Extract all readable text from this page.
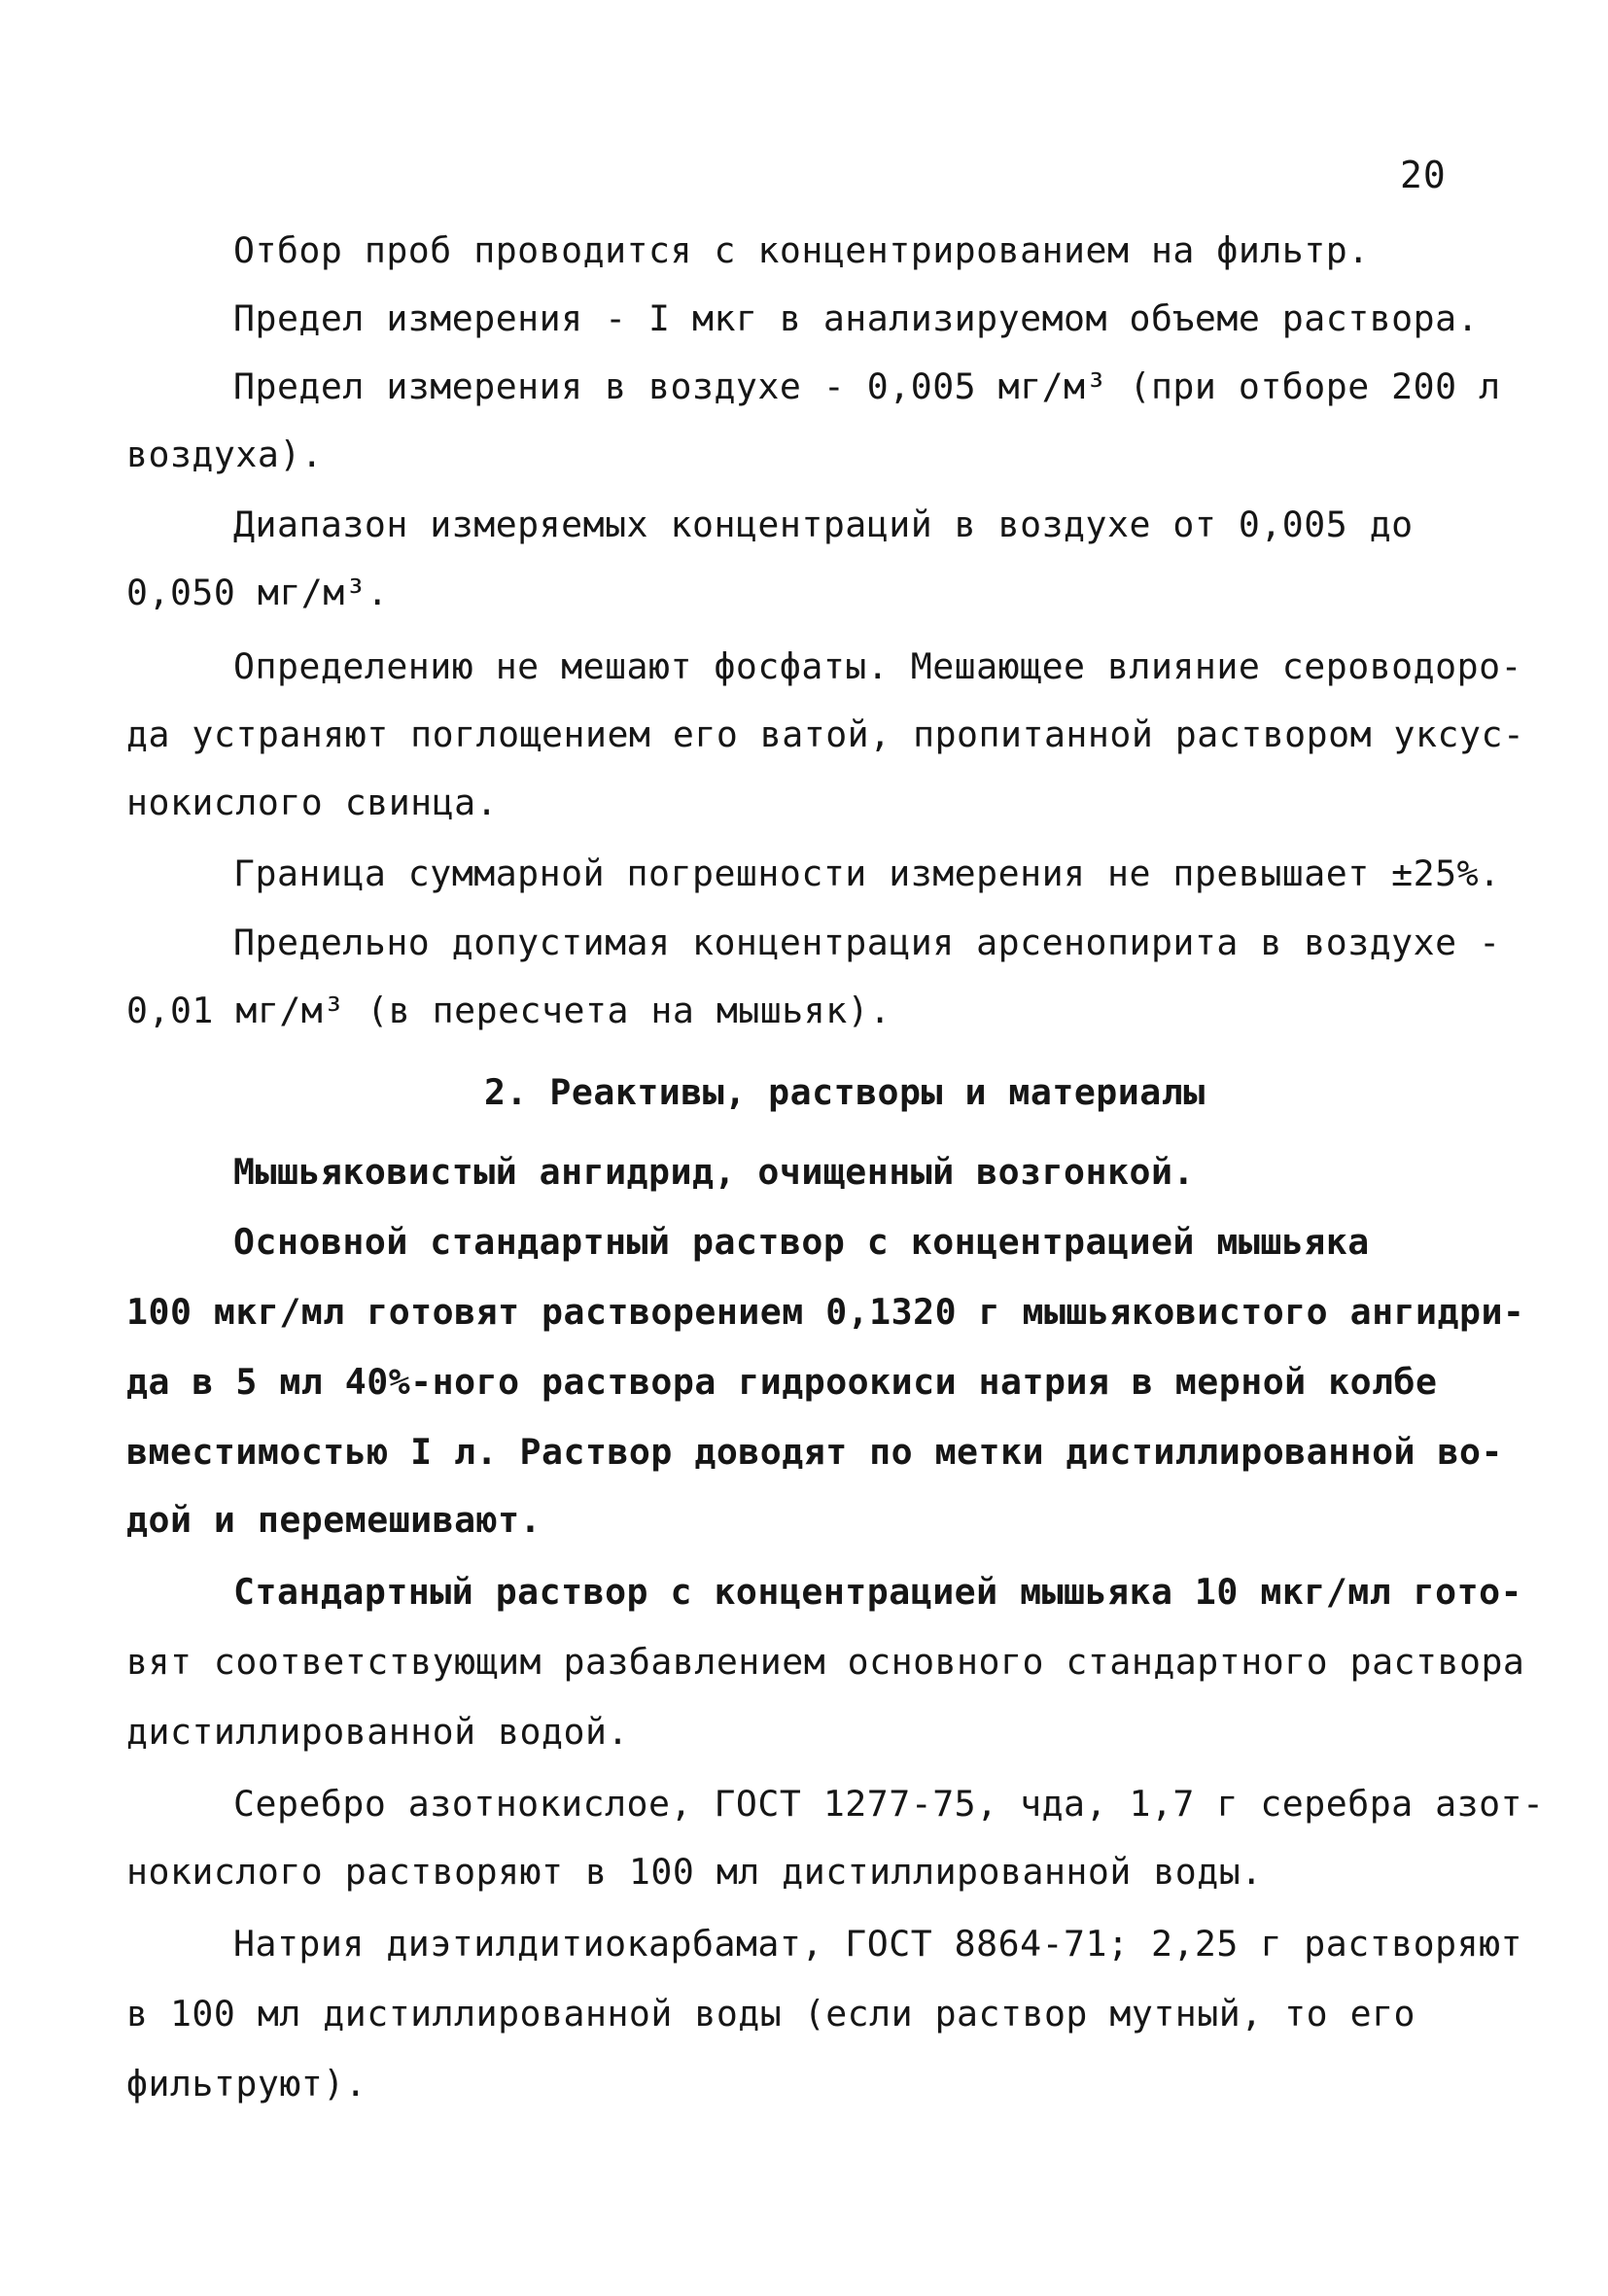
20
Отбор проб проводится с концентрированием на фильтр.
Предел измерения - I мкг в анализируемом объеме раствора.
Предел измерения в воздухе - 0,005 мг/м³ (при отборе 200 л
воздуха).
Диапазон измеряемых концентраций в воздухе от 0,005 до
0,050 мг/м³.
Определению не мешают фосфаты. Мешающее влияние сероводоро-
да устраняют поглощением его ватой, пропитанной раствором уксус-
нокислого свинца.
Граница суммарной погрешности измерения не превышает ±25%.
Предельно допустимая концентрация арсенопирита в воздухе -
0,01 мг/м³ (в пересчета на мышьяк).
2. Реактивы, растворы и материалы
Мышьяковистый ангидрид, очищенный возгонкой.
Основной стандартный раствор с концентрацией мышьяка
100 мкг/мл готовят растворением 0,1320 г мышьяковистого ангидри-
да в 5 мл 40%-ного раствора гидроокиси натрия в мерной колбе
вместимостью I л. Раствор доводят по метки дистиллированной во-
дой и перемешивают.
Стандартный раствор с концентрацией мышьяка 10 мкг/мл гото-
вят соответствующим разбавлением основного стандартного раствора
дистиллированной водой.
Серебро азотнокислое, ГОСТ 1277-75, чда, 1,7 г серебра азот-
нокислого растворяют в 100 мл дистиллированной воды.
Натрия диэтилдитиокарбамат, ГОСТ 8864-71; 2,25 г растворяют
в 100 мл дистиллированной воды (если раствор мутный, то его
фильтруют).
